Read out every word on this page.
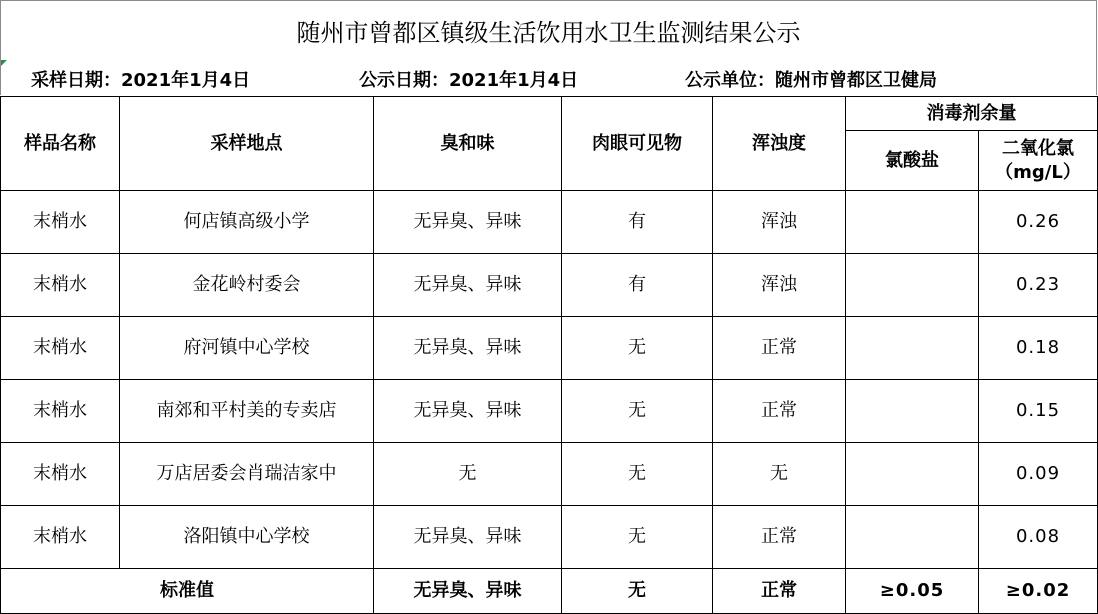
随州市曾都区镇级生活饮用水卫生监测结果公示
采样日期：2021年1月4日	公示日期：2021年1月4日	公示单位：随州市曾都区卫健局
样品名称	采样地点	臭和味	肉眼可见物	浑浊度	消毒剂余量	
					氯酸盐	二氧化氯
（mg/L）

末梢水	何店镇高级小学	无异臭、异味	有	浑浊		0.26
末梢水	金花岭村委会	无异臭、异味	有	浑浊		0.23
末梢水	府河镇中心学校	无异臭、异味	无	正常		0.18
末梢水	南郊和平村美的专卖店	无异臭、异味	无	正常		0.15
末梢水	万店居委会肖瑞洁家中	无	无	无		0.09
末梢水	洛阳镇中心学校	无异臭、异味	无	正常		0.08
标准值		无异臭、异味	无	正常	≥0.05	≥0.02
